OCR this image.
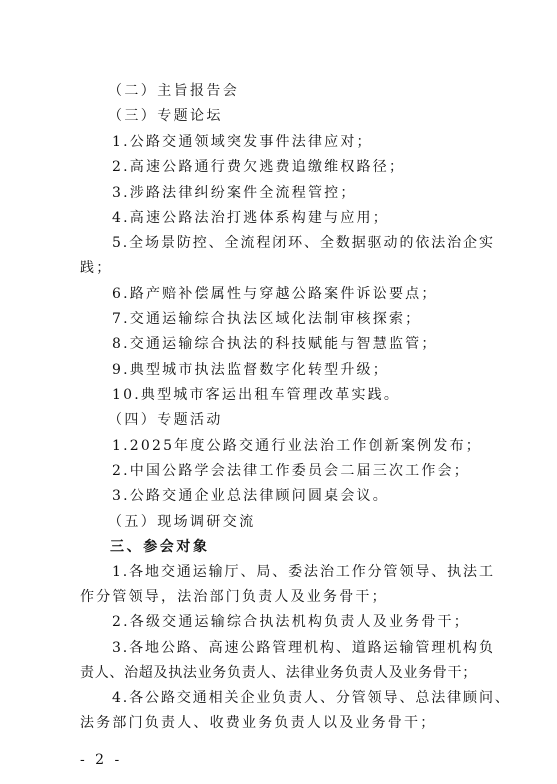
（二）主旨报告会

（三）专题论坛

1.公路交通领域突发事件法律应对；

2.高速公路通行费欠逃费追缴维权路径；

3.涉路法律纠纷案件全流程管控；

4.高速公路法治打逃体系构建与应用；

5.全场景防控、全流程闭环、全数据驱动的依法治企实

践；

6.路产赔补偿属性与穿越公路案件诉讼要点；

7.交通运输综合执法区域化法制审核探索；

8.交通运输综合执法的科技赋能与智慧监管；

9.典型城市执法监督数字化转型升级；

10.典型城市客运出租车管理改革实践。

（四）专题活动

1.2025年度公路交通行业法治工作创新案例发布；

2.中国公路学会法律工作委员会二届三次工作会；

3.公路交通企业总法律顾问圆桌会议。

（五）现场调研交流

三、参会对象

1.各地交通运输厅、局、委法治工作分管领导、执法工

作分管领导，法治部门负责人及业务骨干；

2.各级交通运输综合执法机构负责人及业务骨干；

3.各地公路、高速公路管理机构、道路运输管理机构负

责人、治超及执法业务负责人、法律业务负责人及业务骨干；

4.各公路交通相关企业负责人、分管领导、总法律顾问、

法务部门负责人、收费业务负责人以及业务骨干；

- 2 -
